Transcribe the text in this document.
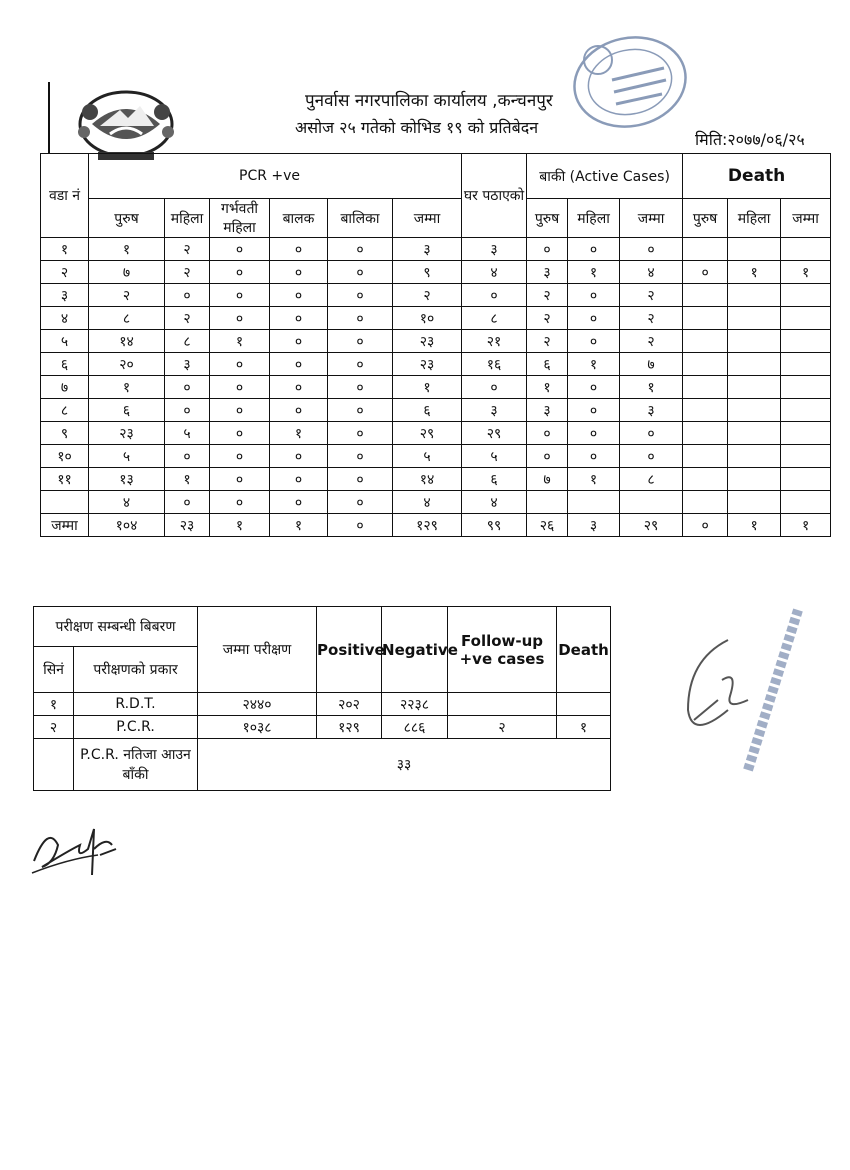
पुनर्वास नगरपालिका कार्यालय ,कन्चनपुर
असोज २५ गतेको कोभिड १९ को प्रतिबेदन
मिति:२०७७/०६/२५
वडा नं	PCR +ve						घर पठाएको	बाकी (Active Cases)			Death		
	पुरुष	महिला	गर्भवती महिला	बालक	बालिका	जम्मा		पुरुष	महिला	जम्मा	पुरुष	महिला	जम्मा
१	१	२	०	०	०	३	३	०	०	०			
२	७	२	०	०	०	९	४	३	१	४	०	१	१
३	२	०	०	०	०	२	०	२	०	२			
४	८	२	०	०	०	१०	८	२	०	२			
५	१४	८	१	०	०	२३	२१	२	०	२			
६	२०	३	०	०	०	२३	१६	६	१	७			
७	१	०	०	०	०	१	०	१	०	१			
८	६	०	०	०	०	६	३	३	०	३			
९	२३	५	०	१	०	२९	२९	०	०	०			
१०	५	०	०	०	०	५	५	०	०	०			
११	१३	१	०	०	०	१४	६	७	१	८			
	४	०	०	०	०	४	४						
जम्मा	१०४	२३	१	१	०	१२९	९९	२६	३	२९	०	१	१
परीक्षण सम्बन्धी बिबरण		जम्मा परीक्षण	Positive	Negative	Follow-up +ve cases	Death
सिनं	परीक्षणको प्रकार					
१	R.D.T.	२४४०	२०२	२२३८		
२	P.C.R.	१०३८	१२९	८८६	२	१
	P.C.R. नतिजा आउन बाँकी	३३				
